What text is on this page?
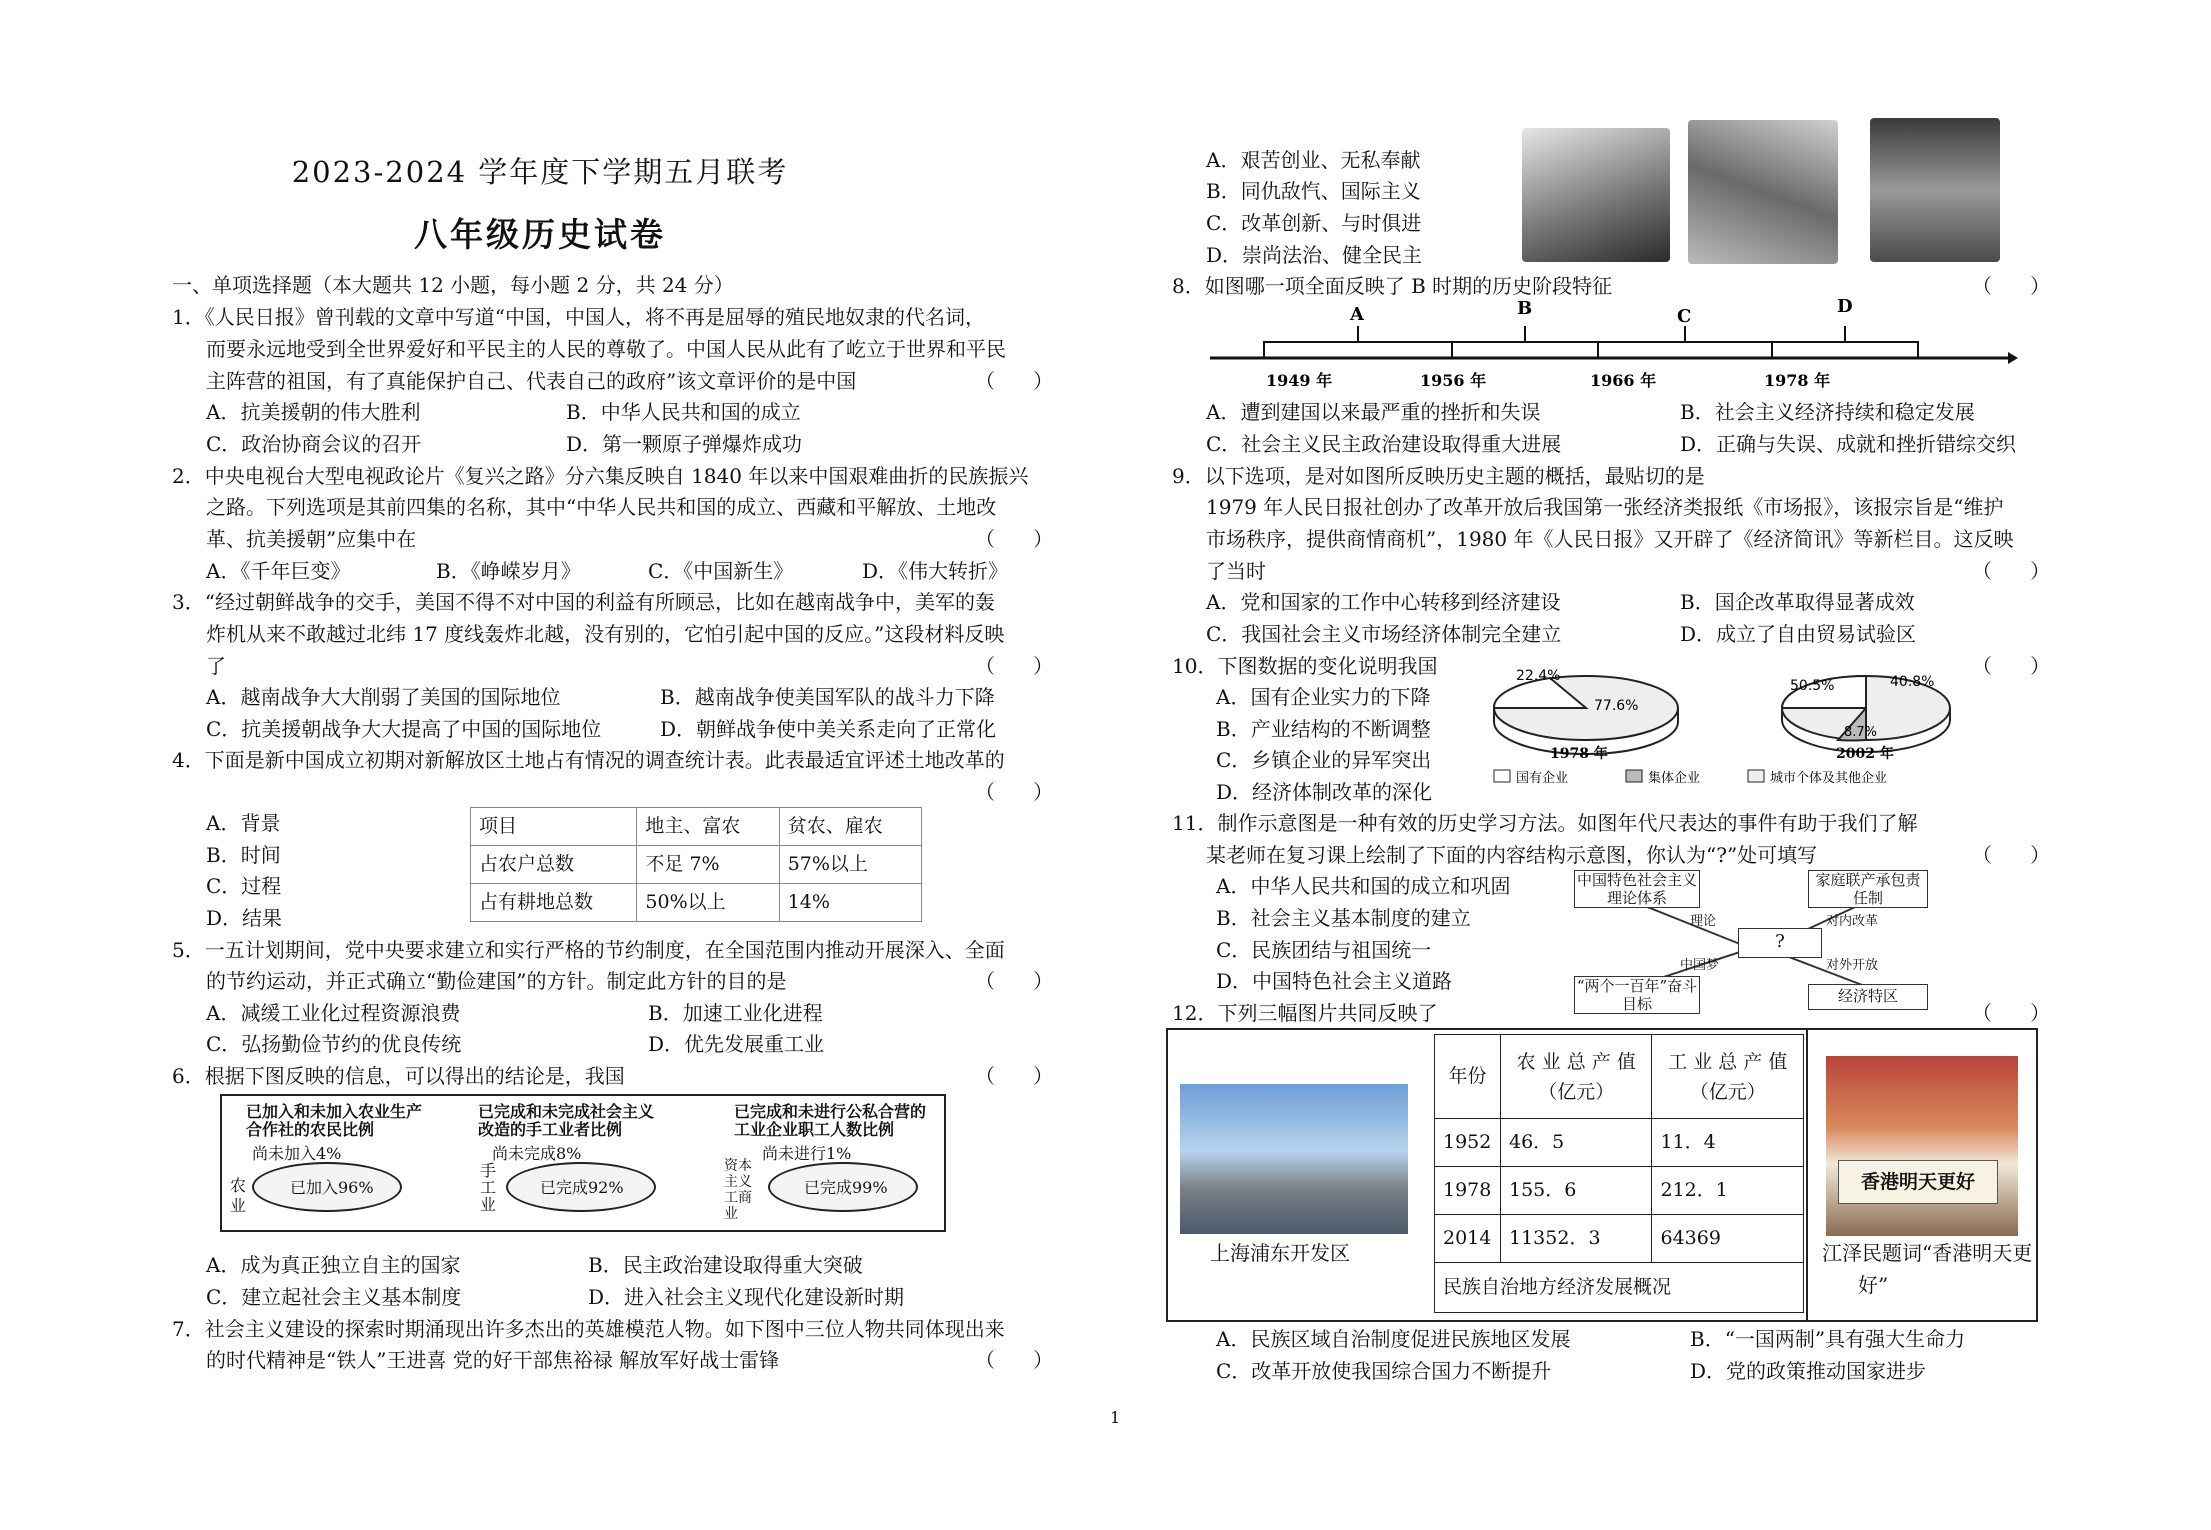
2023-2024 学年度下学期五月联考
八年级历史试卷
一、单项选择题（本大题共 12 小题，每小题 2 分，共 24 分）
1．《人民日报》曾刊载的文章中写道“中国，中国人，将不再是屈辱的殖民地奴隶的代名词，
而要永远地受到全世界爱好和平民主的人民的尊敬了。中国人民从此有了屹立于世界和平民
主阵营的祖国，有了真能保护自己、代表自己的政府”该文章评价的是中国	（      ）
A．抗美援朝的伟大胜利	B．中华人民共和国的成立
C．政治协商会议的召开	D．第一颗原子弹爆炸成功
2．中央电视台大型电视政论片《复兴之路》分六集反映自 1840 年以来中国艰难曲折的民族振兴
之路。下列选项是其前四集的名称，其中“中华人民共和国的成立、西藏和平解放、土地改
革、抗美援朝”应集中在	（      ）
A．《千年巨变》	B．《峥嵘岁月》	C．《中国新生》	D．《伟大转折》
3．“经过朝鲜战争的交手，美国不得不对中国的利益有所顾忌，比如在越南战争中，美军的轰
炸机从来不敢越过北纬 17 度线轰炸北越，没有别的，它怕引起中国的反应。”这段材料反映
了	（      ）
A．越南战争大大削弱了美国的国际地位	B．越南战争使美国军队的战斗力下降
C．抗美援朝战争大大提高了中国的国际地位	D．朝鲜战争使中美关系走向了正常化
4．下面是新中国成立初期对新解放区土地占有情况的调查统计表。此表最适宜评述土地改革的
（      ）
A．背景
B．时间
C．过程
D．结果
项目	地主、富农	贫农、雇农
占农户总数	不足 7%	57%以上
占有耕地总数	50%以上	14%
5．一五计划期间，党中央要求建立和实行严格的节约制度，在全国范围内推动开展深入、全面
的节约运动，并正式确立“勤俭建国”的方针。制定此方针的目的是	（      ）
A．减缓工业化过程资源浪费	B．加速工业化进程
C．弘扬勤俭节约的优良传统	D．优先发展重工业
6．根据下图反映的信息，可以得出的结论是，我国	（      ）
已加入和未加入农业生产
合作社的农民比例
尚未加入4%
农业
已加入96%
已完成和未完成社会主义
改造的手工业者比例
尚未完成8%
手工业
已完成92%
已完成和未进行公私合营的
工业企业职工人数比例
尚未进行1%
资本主义工商业
已完成99%
A．成为真正独立自主的国家	B．民主政治建设取得重大突破
C．建立起社会主义基本制度	D．进入社会主义现代化建设新时期
7．社会主义建设的探索时期涌现出许多杰出的英雄模范人物。如下图中三位人物共同体现出来
的时代精神是“铁人”王进喜 党的好干部焦裕禄 解放军好战士雷锋	（      ）
A．艰苦创业、无私奉献
B．同仇敌忾、国际主义
C．改革创新、与时俱进
D．崇尚法治、健全民主
8．如图哪一项全面反映了 B 时期的历史阶段特征	（      ）
A	B	C	D
1949 年	1956 年	1966 年	1978 年
A．遭到建国以来最严重的挫折和失误	B．社会主义经济持续和稳定发展
C．社会主义民主政治建设取得重大进展	D．正确与失误、成就和挫折错综交织
9．以下选项，是对如图所反映历史主题的概括，最贴切的是
1979 年人民日报社创办了改革开放后我国第一张经济类报纸《市场报》，该报宗旨是“维护
市场秩序，提供商情商机”，1980 年《人民日报》又开辟了《经济简讯》等新栏目。这反映
了当时	（      ）
A．党和国家的工作中心转移到经济建设	B．国企改革取得显著成效
C．我国社会主义市场经济体制完全建立	D．成立了自由贸易试验区
10．下图数据的变化说明我国	（      ）
A．国有企业实力的下降
B．产业结构的不断调整
C．乡镇企业的异军突出
D．经济体制改革的深化
22.4%
77.6%
1978 年
50.5%	40.8%
8.7%
2002 年
国有企业	集体企业	城市个体及其他企业
11．制作示意图是一种有效的历史学习方法。如图年代尺表达的事件有助于我们了解
某老师在复习课上绘制了下面的内容结构示意图，你认为“?”处可填写	（      ）
A．中华人民共和国的成立和巩固
B．社会主义基本制度的建立
C．民族团结与祖国统一
D．中国特色社会主义道路
中国特色社会主义理论体系
家庭联产承包责任制
“两个一百年”奋斗目标	经济特区
?
理论	对内改革
中国梦	对外开放
12．下列三幅图片共同反映了	（      ）
上海浦东开发区
年份	农 业 总 产 值（亿元）	工 业 总 产 值（亿元）
1952	46．5	11．4
1978	155．6	212．1
2014	11352．3	64369
民族自治地方经济发展概况		
香港明天更好
江泽民题词“香港明天更
好”
A．民族区域自治制度促进民族地区发展	B．“一国两制”具有强大生命力
C．改革开放使我国综合国力不断提升	D．党的政策推动国家进步
1
